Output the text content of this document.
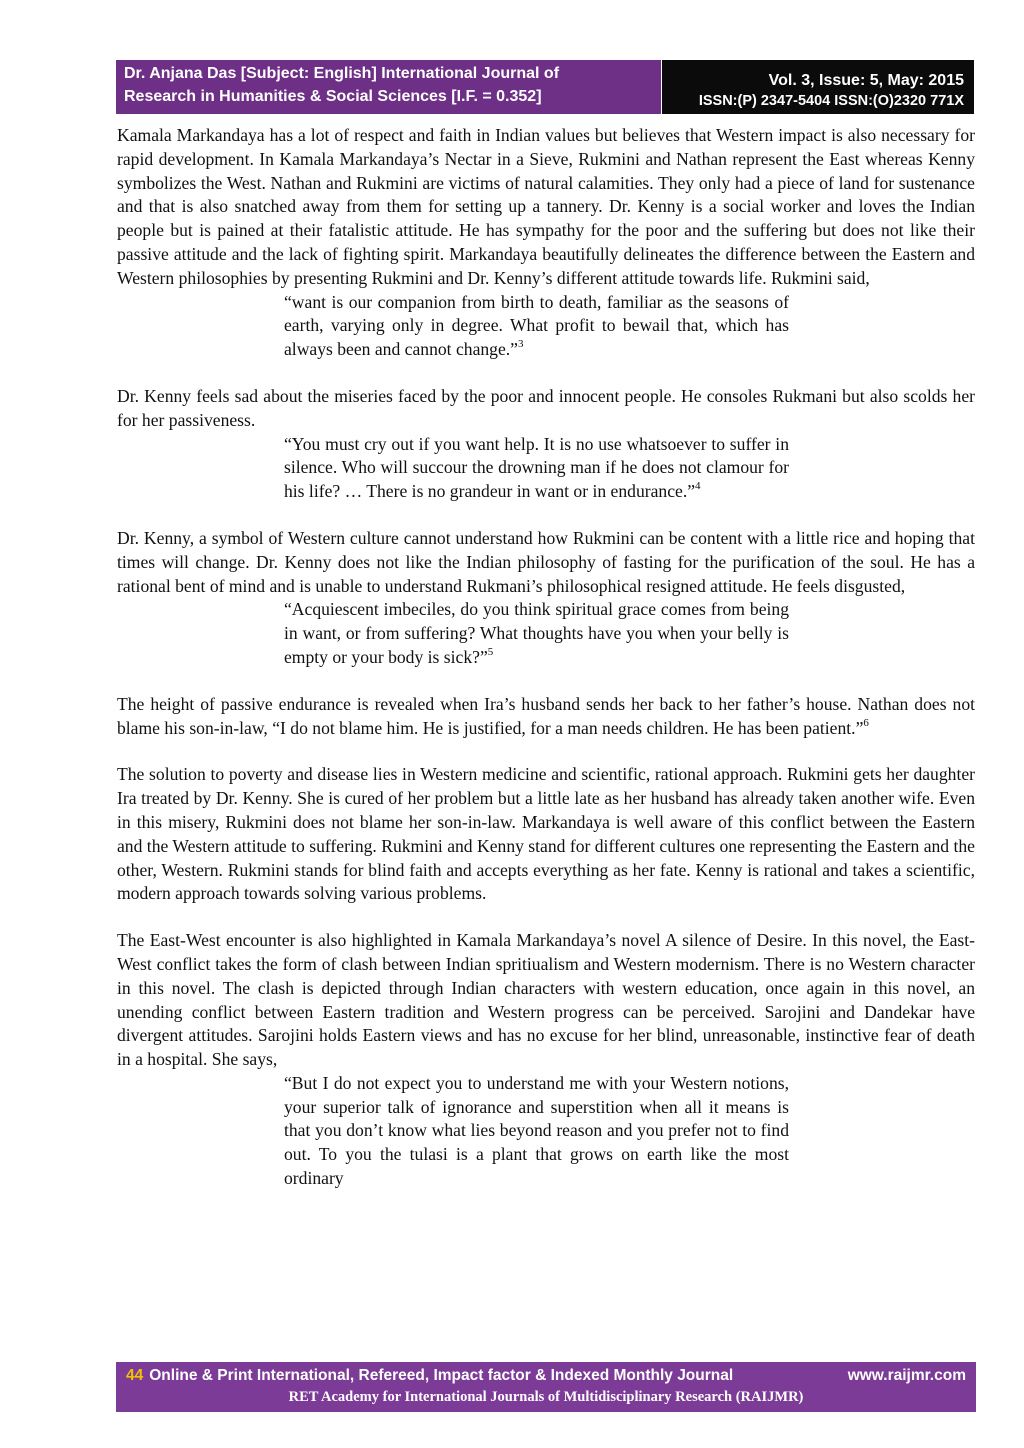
Dr. Anjana Das [Subject: English] International Journal of
Research in Humanities & Social Sciences [I.F. = 0.352]
Vol. 3, Issue: 5, May: 2015
ISSN:(P) 2347-5404 ISSN:(O)2320 771X

Kamala Markandaya has a lot of respect and faith in Indian values but believes that Western impact is also necessary for rapid development. In Kamala Markandaya’s Nectar in a Sieve, Rukmini and Nathan represent the East whereas Kenny symbolizes the West. Nathan and Rukmini are victims of natural calamities. They only had a piece of land for sustenance and that is also snatched away from them for setting up a tannery. Dr. Kenny is a social worker and loves the Indian people but is pained at their fatalistic attitude. He has sympathy for the poor and the suffering but does not like their passive attitude and the lack of fighting spirit. Markandaya beautifully delineates the difference between the Eastern and Western philosophies by presenting Rukmini and Dr. Kenny’s different attitude towards life. Rukmini said,

“want is our companion from birth to death, familiar as the seasons of earth, varying only in degree. What profit to bewail that, which has always been and cannot change.”$^3$

Dr. Kenny feels sad about the miseries faced by the poor and innocent people. He consoles Rukmani but also scolds her for her passiveness.

“You must cry out if you want help. It is no use whatsoever to suffer in silence. Who will succour the drowning man if he does not clamour for his life? … There is no grandeur in want or in endurance.”$^4$

Dr. Kenny, a symbol of Western culture cannot understand how Rukmini can be content with a little rice and hoping that times will change. Dr. Kenny does not like the Indian philosophy of fasting for the purification of the soul. He has a rational bent of mind and is unable to understand Rukmani’s philosophical resigned attitude. He feels disgusted,

“Acquiescent imbeciles, do you think spiritual grace comes from being in want, or from suffering? What thoughts have you when your belly is empty or your body is sick?”$^5$

The height of passive endurance is revealed when Ira’s husband sends her back to her father’s house. Nathan does not blame his son-in-law, “I do not blame him. He is justified, for a man needs children. He has been patient.”$^6$

The solution to poverty and disease lies in Western medicine and scientific, rational approach. Rukmini gets her daughter Ira treated by Dr. Kenny. She is cured of her problem but a little late as her husband has already taken another wife. Even in this misery, Rukmini does not blame her son-in-law. Markandaya is well aware of this conflict between the Eastern and the Western attitude to suffering. Rukmini and Kenny stand for different cultures one representing the Eastern and the other, Western. Rukmini stands for blind faith and accepts everything as her fate. Kenny is rational and takes a scientific, modern approach towards solving various problems.

The East-West encounter is also highlighted in Kamala Markandaya’s novel A silence of Desire. In this novel, the East-West conflict takes the form of clash between Indian spritiualism and Western modernism. There is no Western character in this novel. The clash is depicted through Indian characters with western education, once again in this novel, an unending conflict between Eastern tradition and Western progress can be perceived. Sarojini and Dandekar have divergent attitudes. Sarojini holds Eastern views and has no excuse for her blind, unreasonable, instinctive fear of death in a hospital. She says,

“But I do not expect you to understand me with your Western notions, your superior talk of ignorance and superstition when all it means is that you don’t know what lies beyond reason and you prefer not to find out. To you the tulasi is a plant that grows on earth like the most ordinary
44 Online & Print International, Refereed, Impact factor & Indexed Monthly Journal	www.raijmr.com
RET Academy for International Journals of Multidisciplinary Research (RAIJMR)
